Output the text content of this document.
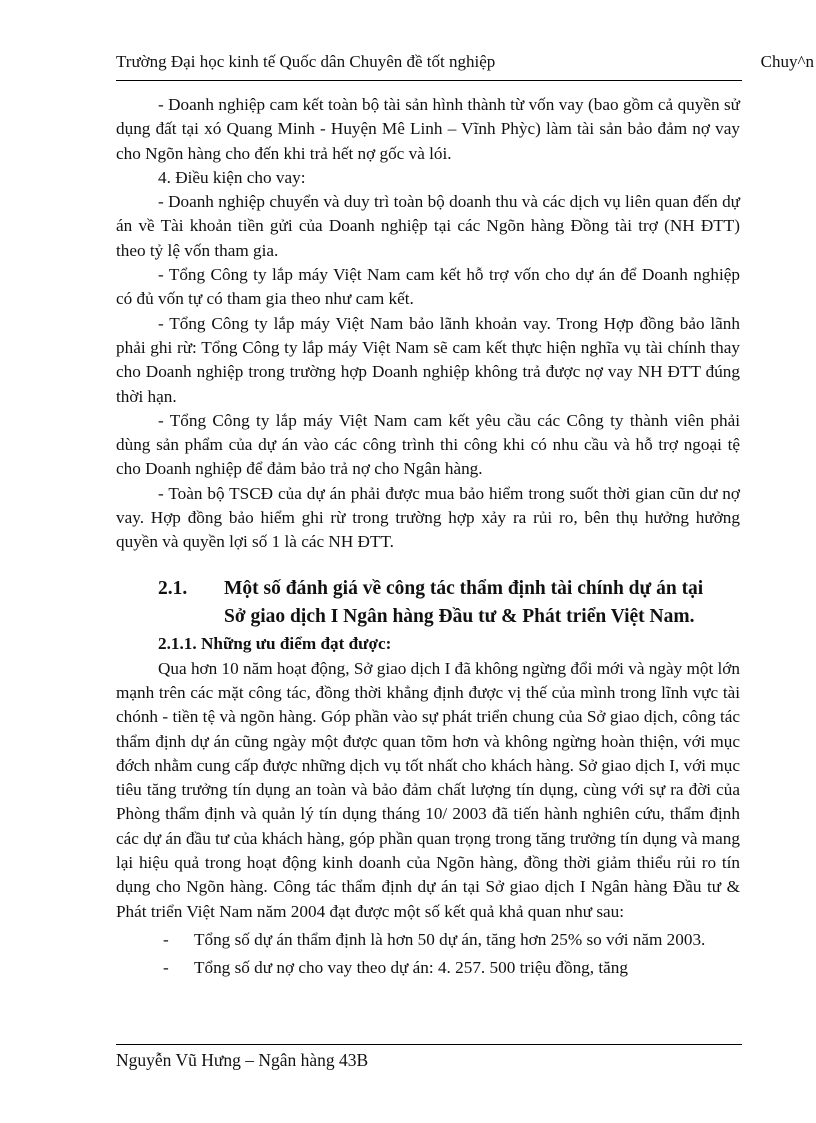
Trường Đại học kinh tế Quốc dân Chuyên đề tốt nghiệp	Chuy^n

- Doanh nghiệp cam kết toàn bộ tài sản hình thành từ vốn vay (bao gồm cả quyền sử dụng đất tại xó Quang Minh - Huyện Mê Linh – Vĩnh Phỳc) làm tài sản bảo đảm nợ vay cho Ngõn hàng cho đến khi trả hết nợ gốc và lói.

4. Điều kiện cho vay:

- Doanh nghiệp chuyển và duy trì toàn bộ doanh thu và các dịch vụ liên quan đến dự án về Tài khoản tiền gửi của Doanh nghiệp tại các Ngõn hàng Đồng tài trợ (NH ĐTT) theo tỷ lệ vốn tham gia.

- Tổng Công ty lắp máy Việt Nam cam kết hỗ trợ vốn cho dự án để Doanh nghiệp có đủ vốn tự có tham gia theo như cam kết.

- Tổng Công ty lắp máy Việt Nam bảo lãnh khoản vay. Trong Hợp đồng bảo lãnh phải ghi rừ: Tổng Công ty lắp máy Việt Nam sẽ cam kết thực hiện nghĩa vụ tài chính thay cho Doanh nghiệp trong trường hợp Doanh nghiệp không trả được nợ vay NH ĐTT đúng thời hạn.

- Tổng Công ty lắp máy Việt Nam cam kết yêu cầu các Công ty thành viên phải dùng sản phẩm của dự án vào các công trình thi công khi có nhu cầu và hỗ trợ ngoại tệ cho Doanh nghiệp để đảm bảo trả nợ cho Ngân hàng.

- Toàn bộ TSCĐ của dự án phải được mua bảo hiểm trong suốt thời gian cũn dư nợ vay. Hợp đồng bảo hiểm ghi rừ trong trường hợp xảy ra rủi ro, bên thụ hưởng hưởng quyền và quyền lợi số 1 là các NH ĐTT.

2.1. Một số đánh giá về công tác thẩm định tài chính dự án tại
Sở giao dịch I Ngân hàng Đầu tư & Phát triển Việt Nam.
2.1.1. Những ưu điểm đạt được:

Qua hơn 10 năm hoạt động, Sở giao dịch I đã không ngừng đổi mới và ngày một lớn mạnh trên các mặt công tác, đồng thời khẳng định được vị thế của mình trong lĩnh vực tài chónh - tiền tệ và ngõn hàng. Góp phần vào sự phát triển chung của Sở giao dịch, công tác thẩm định dự án cũng ngày một được quan tõm hơn và không ngừng hoàn thiện, với mục đớch nhằm cung cấp được những dịch vụ tốt nhất cho khách hàng. Sở giao dịch I, với mục tiêu tăng trưởng tín dụng an toàn và bảo đảm chất lượng tín dụng, cùng với sự ra đời của Phòng thẩm định và quản lý tín dụng tháng 10/ 2003 đã tiến hành nghiên cứu, thẩm định các dự án đầu tư của khách hàng, góp phần quan trọng trong tăng trưởng tín dụng và mang lại hiệu quả trong hoạt động kinh doanh của Ngõn hàng, đồng thời giảm thiểu rủi ro tín dụng cho Ngõn hàng. Công tác thẩm định dự án tại Sở giao dịch I Ngân hàng Đầu tư & Phát triển Việt Nam năm 2004 đạt được một số kết quả khả quan như sau:

- Tổng số dự án thẩm định là hơn 50 dự án, tăng hơn 25% so với năm 2003.
- Tổng số dư nợ cho vay theo dự án: 4. 257. 500 triệu đồng, tăng
Nguyễn Vũ Hưng – Ngân hàng 43B
